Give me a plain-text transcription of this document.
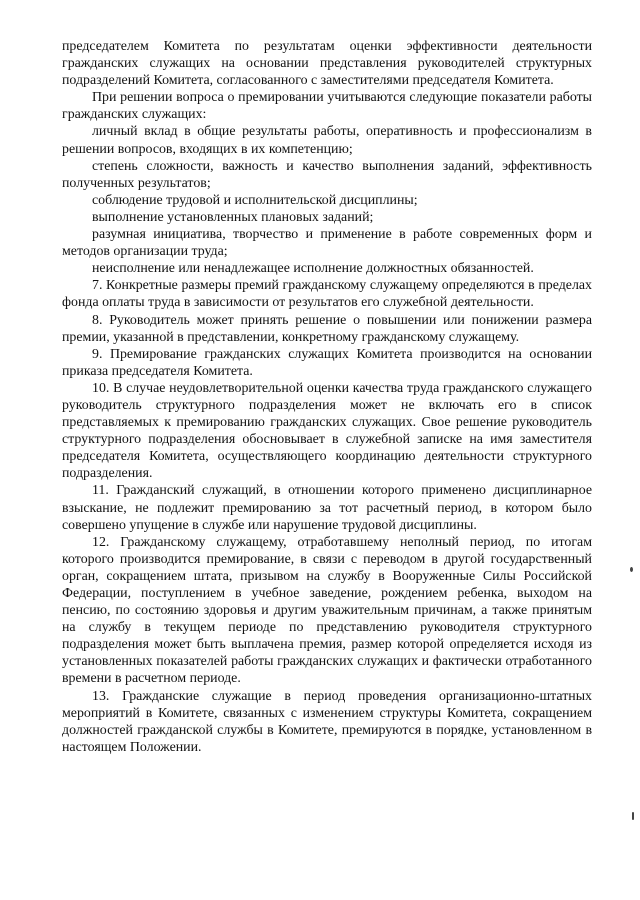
председателем Комитета по результатам оценки эффективности деятельности гражданских служащих на основании представления руководителей структурных подразделений Комитета, согласованного с заместителями председателя Комитета.

При решении вопроса о премировании учитываются следующие показатели работы гражданских служащих:

личный вклад в общие результаты работы, оперативность и профессионализм в решении вопросов, входящих в их компетенцию;

степень сложности, важность и качество выполнения заданий, эффективность полученных результатов;

соблюдение трудовой и исполнительской дисциплины;

выполнение установленных плановых заданий;

разумная инициатива, творчество и применение в работе современных форм и методов организации труда;

неисполнение или ненадлежащее исполнение должностных обязанностей.

7. Конкретные размеры премий гражданскому служащему определяются в пределах фонда оплаты труда в зависимости от результатов его служебной деятельности.

8. Руководитель может принять решение о повышении или понижении размера премии, указанной в представлении, конкретному гражданскому служащему.

9. Премирование гражданских служащих Комитета производится на основании приказа председателя Комитета.

10. В случае неудовлетворительной оценки качества труда гражданского служащего руководитель структурного подразделения может не включать его в список представляемых к премированию гражданских служащих. Свое решение руководитель структурного подразделения обосновывает в служебной записке на имя заместителя председателя Комитета, осуществляющего координацию деятельности структурного подразделения.

11. Гражданский служащий, в отношении которого применено дисциплинарное взыскание, не подлежит премированию за тот расчетный период, в котором было совершено упущение в службе или нарушение трудовой дисциплины.

12. Гражданскому служащему, отработавшему неполный период, по итогам которого производится премирование, в связи с переводом в другой государственный орган, сокращением штата, призывом на службу в Вооруженные Силы Российской Федерации, поступлением в учебное заведение, рождением ребенка, выходом на пенсию, по состоянию здоровья и другим уважительным причинам, а также принятым на службу в текущем периоде по представлению руководителя структурного подразделения может быть выплачена премия, размер которой определяется исходя из установленных показателей работы гражданских служащих и фактически отработанного времени в расчетном периоде.

13. Гражданские служащие в период проведения организационно-штатных мероприятий в Комитете, связанных с изменением структуры Комитета, сокращением должностей гражданской службы в Комитете, премируются в порядке, установленном в настоящем Положении.
